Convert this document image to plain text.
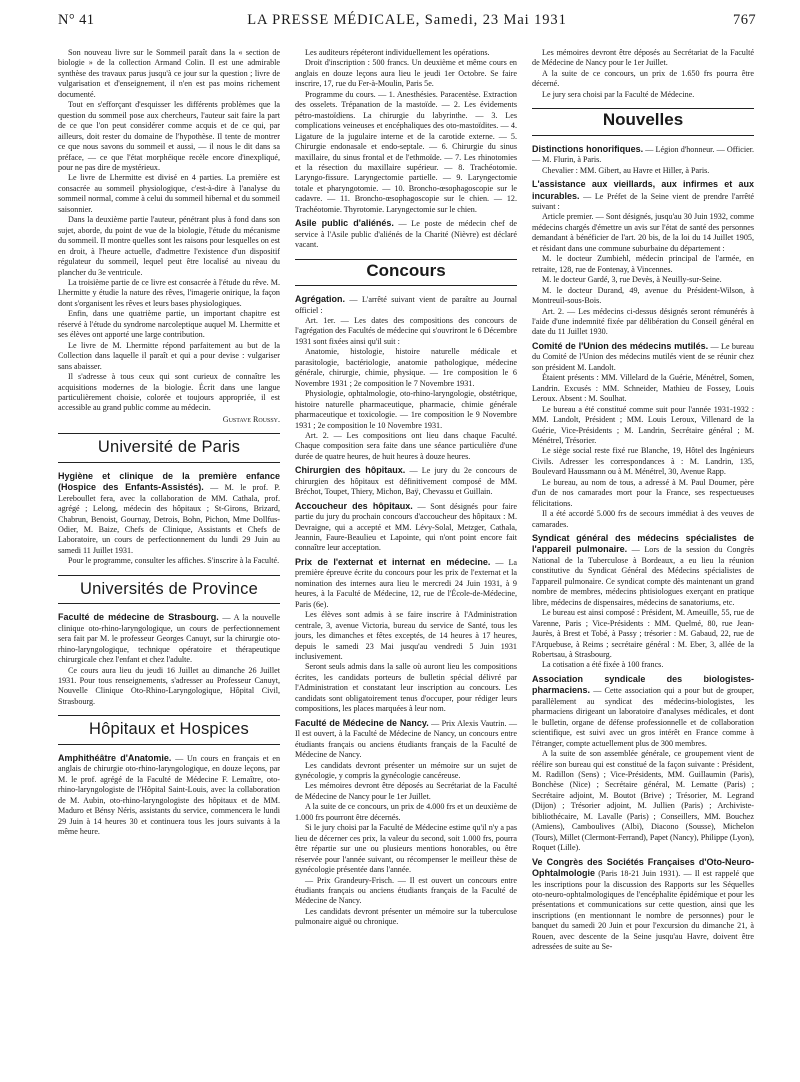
N° 41	LA PRESSE MÉDICALE, Samedi, 23 Mai 1931	767

Son nouveau livre sur le Sommeil paraît dans la « section de biologie » de la collection Armand Colin. Il est une admirable synthèse des travaux parus jusqu'à ce jour sur la question ; livre de vulgarisation et d'enseignement, il n'en est pas moins richement documenté.

Tout en s'efforçant d'esquisser les différents problèmes que la question du sommeil pose aux chercheurs, l'auteur sait faire la part de ce que l'on peut considérer comme acquis et de ce qui, par ailleurs, doit rester du domaine de l'hypothèse. Il tente de montrer ce que nous savons du sommeil et aussi, — il nous le dit dans sa préface, — ce que l'état morphéique recèle encore d'inexpliqué, pour ne pas dire de mystérieux.

Le livre de Lhermitte est divisé en 4 parties. La première est consacrée au sommeil physiologique, c'est-à-dire à l'analyse du sommeil normal, comme à celui du sommeil hibernal et du sommeil saisonnier.

Dans la deuxième partie l'auteur, pénétrant plus à fond dans son sujet, aborde, du point de vue de la biologie, l'étude du mécanisme du sommeil. Il montre quelles sont les raisons pour lesquelles on est en droit, à l'heure actuelle, d'admettre l'existence d'un dispositif régulateur du sommeil, lequel peut être localisé au niveau du plancher du 3e ventricule.

La troisième partie de ce livre est consacrée à l'étude du rêve. M. Lhermitte y étudie la nature des rêves, l'imagerie onirique, la façon dont s'organisent les rêves et leurs bases physiologiques.

Enfin, dans une quatrième partie, un important chapitre est réservé à l'étude du syndrome narcoleptique auquel M. Lhermitte et ses élèves ont apporté une large contribution.

Le livre de M. Lhermitte répond parfaitement au but de la Collection dans laquelle il paraît et qui a pour devise : vulgariser sans abaisser.

Il s'adresse à tous ceux qui sont curieux de connaître les acquisitions modernes de la biologie. Écrit dans une langue particulièrement choisie, colorée et toujours appropriée, il est accessible au grand public comme au médecin.

Gustave Roussy.
Université de Paris

Hygiène et clinique de la première enfance (Hospice des Enfants-Assistés). — M. le prof. P. Lereboullet fera, avec la collaboration de MM. Cathala, prof. agrégé ; Lelong, médecin des hôpitaux ; St-Girons, Brizard, Chabrun, Benoist, Gournay, Detrois, Bohn, Pichon, Mme Dollfus-Odier, M. Baize, Chefs de Clinique, Assistants et Chefs de Laboratoire, un cours de perfectionnement du lundi 29 Juin au samedi 11 Juillet 1931.

Pour le programme, consulter les affiches. S'inscrire à la Faculté.

Universités de Province

Faculté de médecine de Strasbourg. — A la nouvelle clinique oto-rhino-laryngologique, un cours de perfectionnement sera fait par M. le professeur Georges Canuyt, sur la chirurgie oto-rhino-laryngologique, technique opératoire et thérapeutique chirurgicale chez l'enfant et chez l'adulte.

Ce cours aura lieu du jeudi 16 Juillet au dimanche 26 Juillet 1931. Pour tous renseignements, s'adresser au Professeur Canuyt, Nouvelle Clinique Oto-Rhino-Laryngologique, Hôpital Civil, Strasbourg.

Hôpitaux et Hospices

Amphithéâtre d'Anatomie. — Un cours en français et en anglais de chirurgie oto-rhino-laryngologique, en douze leçons, par M. le prof. agrégé de la Faculté de Médecine F. Lemaître, oto-rhino-laryngologiste de l'Hôpital Saint-Louis, avec la collaboration de M. Aubin, oto-rhino-laryngologiste des hôpitaux et de MM. Maduro et Bénsy Néris, assistants du service, commencera le lundi 29 Juin à 14 heures 30 et continuera tous les jours suivants à la même heure.

Les auditeurs répéteront individuellement les opérations.

Droit d'inscription : 500 francs. Un deuxième et même cours en anglais en douze leçons aura lieu le jeudi 1er Octobre. Se faire inscrire, 17, rue du Fer-à-Moulin, Paris 5e.

Programme du cours. — 1. Anesthésies. Paracentèse. Extraction des osselets. Trépanation de la mastoïde. — 2. Les évidements pétro-mastoïdiens. La chirurgie du labyrinthe. — 3. Les complications veineuses et encéphaliques des oto-mastoïdites. — 4. Ligature de la jugulaire interne et de la carotide externe. — 5. Chirurgie endonasale et endo-septale. — 6. Chirurgie du sinus maxillaire, du sinus frontal et de l'ethmoïde. — 7. Les rhinotomies et la résection du maxillaire supérieur. — 8. Trachéotomie. Laryngo-fissure. Laryngectomie partielle. — 9. Laryngectomie totale et pharyngotomie. — 10. Broncho-œsophagoscopie sur le cadavre. — 11. Broncho-œsophagoscopie sur le chien. — 12. Trachéotomie. Thyrotomie. Laryngectomie sur le chien.

Asile public d'aliénés. — Le poste de médecin chef de service à l'Asile public d'aliénés de la Charité (Nièvre) est déclaré vacant.

Concours

Agrégation. — L'arrêté suivant vient de paraître au Journal officiel :

Art. 1er. — Les dates des compositions des concours de l'agrégation des Facultés de médecine qui s'ouvriront le 6 Décembre 1931 sont fixées ainsi qu'il suit :

Anatomie, histologie, histoire naturelle médicale et parasitologie, bactériologie, anatomie pathologique, médecine générale, chirurgie, chimie, physique. — 1re composition le 6 Novembre 1931 ; 2e composition le 7 Novembre 1931.

Physiologie, ophtalmologie, oto-rhino-laryngologie, obstétrique, histoire naturelle pharmaceutique, pharmacie, chimie générale pharmaceutique et toxicologie. — 1re composition le 9 Novembre 1931 ; 2e composition le 10 Novembre 1931.

Art. 2. — Les compositions ont lieu dans chaque Faculté. Chaque composition sera faite dans une séance particulière d'une durée de quatre heures, de huit heures à douze heures.

Chirurgien des hôpitaux. — Le jury du 2e concours de chirurgien des hôpitaux est définitivement composé de MM. Bréchot, Toupet, Thiery, Michon, Baÿ, Chevassu et Guillain.

Accoucheur des hôpitaux. — Sont désignés pour faire partie du jury du prochain concours d'accoucheur des hôpitaux : M. Devraigne, qui a accepté et MM. Lévy-Solal, Metzger, Cathala, Jeannin, Faure-Beaulieu et Lapointe, qui n'ont point encore fait connaître leur acceptation.

Prix de l'externat et internat en médecine. — La première épreuve écrite du concours pour les prix de l'externat et la nomination des internes aura lieu le mercredi 24 Juin 1931, à 9 heures, à la Faculté de Médecine, 12, rue de l'École-de-Médecine, Paris (6e).

Les élèves sont admis à se faire inscrire à l'Administration centrale, 3, avenue Victoria, bureau du service de Santé, tous les jours, les dimanches et fêtes exceptés, de 14 heures à 17 heures, depuis le samedi 23 Mai jusqu'au vendredi 5 Juin 1931 inclusivement.

Seront seuls admis dans la salle où auront lieu les compositions écrites, les candidats porteurs de bulletin spécial délivré par l'Administration et constatant leur inscription au concours. Les candidats sont obligatoirement tenus d'occuper, pour rédiger leurs compositions, les places marquées à leur nom.

Faculté de Médecine de Nancy. — Prix Alexis Vautrin. — Il est ouvert, à la Faculté de Médecine de Nancy, un concours entre étudiants français ou anciens étudiants français de la Faculté de Médecine de Nancy.

Les candidats devront présenter un mémoire sur un sujet de gynécologie, y compris la gynécologie cancéreuse.

Les mémoires devront être déposés au Secrétariat de la Faculté de Médecine de Nancy pour le 1er Juillet.

A la suite de ce concours, un prix de 4.000 frs et un deuxième de 1.000 frs pourront être décernés.

Si le jury choisi par la Faculté de Médecine estime qu'il n'y a pas lieu de décerner ces prix, la valeur du second, soit 1.000 frs, pourra être répartie sur une ou plusieurs mentions honorables, ou être réservée pour l'année suivant, ou récompenser le meilleur thèse de gynécologie présentée dans l'année.

— Prix Grandeury-Frisch. — Il est ouvert un concours entre étudiants français ou anciens étudiants français de la Faculté de Médecine de Nancy.

Les candidats devront présenter un mémoire sur la tuberculose pulmonaire aiguë ou chronique.

Les mémoires devront être déposés au Secrétariat de la Faculté de Médecine de Nancy pour le 1er Juillet.

A la suite de ce concours, un prix de 1.650 frs pourra être décerné.

Le jury sera choisi par la Faculté de Médecine.

Nouvelles

Distinctions honorifiques. — Légion d'honneur. — Officier. — M. Flurin, à Paris.

Chevalier : MM. Gibert, au Havre et Hiller, à Paris.

L'assistance aux vieillards, aux infirmes et aux incurables. — Le Préfet de la Seine vient de prendre l'arrêté suivant :

Article premier. — Sont désignés, jusqu'au 30 Juin 1932, comme médecins chargés d'émettre un avis sur l'état de santé des personnes demandant à bénéficier de l'art. 20 bis, de la loi du 14 Juillet 1905, et résidant dans une commune suburbaine du département :

M. le docteur Zumbiehl, médecin principal de l'armée, en retraite, 128, rue de Fontenay, à Vincennes.

M. le docteur Gardé, 3, rue Devès, à Neuilly-sur-Seine.

M. le docteur Durand, 49, avenue du Président-Wilson, à Montreuil-sous-Bois.

Art. 2. — Les médecins ci-dessus désignés seront rémunérés à l'aide d'une indemnité fixée par délibération du Conseil général en date du 11 Juillet 1930.

Comité de l'Union des médecins mutilés. — Le bureau du Comité de l'Union des médecins mutilés vient de se réunir chez son président M. Landolt.

Étaient présents : MM. Villelard de la Guérie, Ménétrel, Somen, Landrin. Excusés : MM. Schneider, Mathieu de Fossey, Louis Leroux. Absent : M. Soulhat.

Le bureau a été constitué comme suit pour l'année 1931-1932 : MM. Landolt, Président ; MM. Louis Leroux, Villenard de la Guérie, Vice-Présidents ; M. Landrin, Secrétaire général ; M. Ménétrel, Trésorier.

Le siège social reste fixé rue Blanche, 19, Hôtel des Ingénieurs Civils. Adresser les correspondances à : M. Landrin, 135, Boulevard Haussmann ou à M. Ménétrel, 30, Avenue Rapp.

Le bureau, au nom de tous, a adressé à M. Paul Doumer, père d'un de nos camarades mort pour la France, ses respectueuses félicitations.

Il a été accordé 5.000 frs de secours immédiat à des veuves de camarades.

Syndicat général des médecins spécialistes de l'appareil pulmonaire. — Lors de la session du Congrès National de la Tuberculose à Bordeaux, a eu lieu la réunion constitutive du Syndicat Général des Médecins spécialistes de l'appareil pulmonaire. Ce syndicat compte dès maintenant un grand nombre de membres, médecins phtisiologues exerçant en pratique libre, médecins de dispensaires, médecins de sanatoriums, etc.

Le bureau est ainsi composé : Président, M. Ameuille, 55, rue de Varenne, Paris ; Vice-Présidents : MM. Quelmé, 80, rue Jean-Jaurès, à Brest et Tobé, à Passy ; trésorier : M. Gabaud, 22, rue de l'Arquebuse, à Reims ; secrétaire général : M. Eber, 3, allée de la Robertsau, à Strasbourg.

La cotisation a été fixée à 100 francs.

Association syndicale des biologistes-pharmaciens. — Cette association qui a pour but de grouper, parallèlement au syndicat des médecins-biologistes, les pharmaciens dirigeant un laboratoire d'analyses médicales, et dont le bulletin, organe de défense professionnelle et de collaboration scientifique, est suivi avec un gros intérêt en France comme à l'étranger, compte actuellement plus de 300 membres.

A la suite de son assemblée générale, ce groupement vient de réélire son bureau qui est constitué de la façon suivante : Président, M. Radillon (Sens) ; Vice-Présidents, MM. Guillaumin (Paris), Bonchèse (Nice) ; Secrétaire général, M. Lematte (Paris) ; Secrétaire adjoint, M. Boutot (Brive) ; Trésorier, M. Legrand (Dijon) ; Trésorier adjoint, M. Jullien (Paris) ; Archiviste-bibliothécaire, M. Lavalle (Paris) ; Conseillers, MM. Bouchez (Amiens), Camboulives (Albi), Diacono (Sousse), Michelon (Tours), Millet (Clermont-Ferrand), Papet (Nancy), Philippe (Lyon), Roquet (Lille).

Ve Congrès des Sociétés Françaises d'Oto-Neuro-Ophtalmologie (Paris 18-21 Juin 1931). — Il est rappelé que les inscriptions pour la discussion des Rapports sur les Séquelles oto-neuro-ophtalmologiques de l'encéphalite épidémique et pour les présentations et communications sur cette question, ainsi que les inscriptions (en mentionnant le nombre de personnes) pour le banquet du samedi 20 Juin et pour l'excursion du dimanche 21, à Rouen, avec descente de la Seine jusqu'au Havre, doivent être adressées de suite au Se-
